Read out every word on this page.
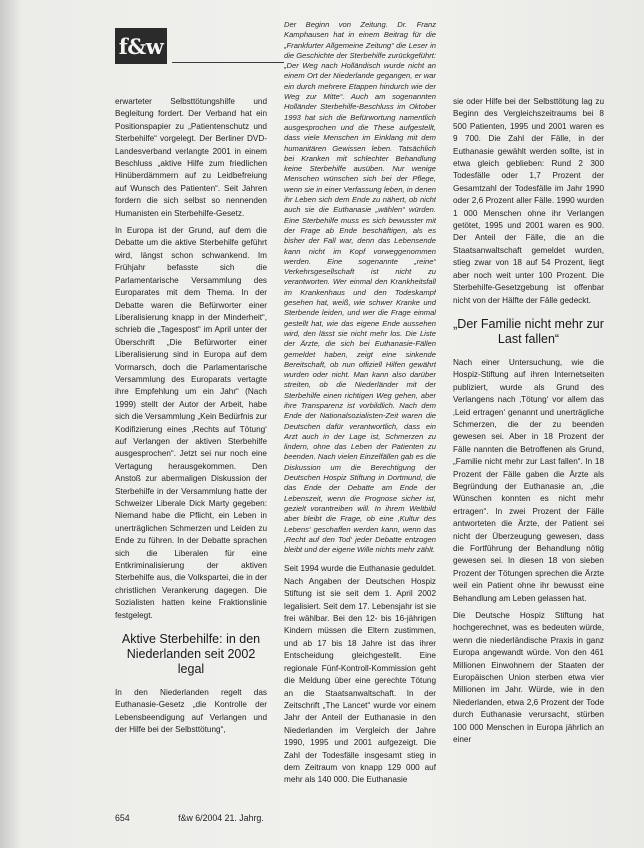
f&w

erwarteter Selbsttötungshilfe und Begleitung fordert. Der Verband hat ein Positionspapier zu „Patientenschutz und Sterbehilfe“ vorgelegt. Der Berliner DVD-Landesverband verlangte 2001 in einem Beschluss „aktive Hilfe zum friedlichen Hinüberdämmern auf zu Leidbefreiung auf Wunsch des Patienten“. Seit Jahren fordern die sich selbst so nennenden Humanisten ein Sterbehilfe-Gesetz.

In Europa ist der Grund, auf dem die Debatte um die aktive Sterbehilfe geführt wird, längst schon schwankend. Im Frühjahr befasste sich die Parlamentarische Versammlung des Europarates mit dem Thema. In der Debatte waren die Befürworter einer Liberalisierung knapp in der Minderheit“, schrieb die „Tagespost“ im April unter der Überschrift „Die Befürworter einer Liberalisierung sind in Europa auf dem Vormarsch, doch die Parlamentarische Versammlung des Europarats vertagte ihre Empfehlung um ein Jahr“ (Nach 1999) stellt der Autor der Arbeit, habe sich die Versammlung „Kein Bedürfnis zur Kodifizierung eines ,Rechts auf Tötung‘ auf Verlangen der aktiven Sterbehilfe ausgesprochen“. Jetzt sei nur noch eine Vertagung herausgekommen. Den Anstoß zur abermaligen Diskussion der Sterbehilfe in der Versammlung hatte der Schweizer Liberale Dick Marty gegeben: Niemand habe die Pflicht, ein Leben in unerträglichen Schmerzen und Leiden zu Ende zu führen. In der Debatte sprachen sich die Liberalen für eine Entkriminalisierung der aktiven Sterbehilfe aus, die Volkspartei, die in der christlichen Verankerung dagegen. Die Sozialisten hatten keine Fraktionslinie festgelegt.

Aktive Sterbehilfe: in den Niederlanden seit 2002 legal

In den Niederlanden regelt das Euthanasie-Gesetz „die Kontrolle der Lebensbeendigung auf Verlangen und der Hilfe bei der Selbsttötung“,

Der Beginn von Zeitung. Dr. Franz Kamphausen hat in einem Beitrag für die „Frankfurter Allgemeine Zeitung“ die Leser in die Geschichte der Sterbehilfe zurückgeführt: „Der Weg nach Holländisch wurde nicht an einem Ort der Niederlande gegangen, er war ein durch mehrere Etappen hindurch wie der Weg zur Mitte“. Auch am sogenannten Holländer Sterbehilfe-Beschluss im Oktober 1993 hat sich die Befürwortung namentlich ausgesprochen und die These aufgestellt, dass viele Menschen im Einklang mit dem humanitären Gewissen leben. Tatsächlich bei Kranken mit schlechter Behandlung keine Sterbehilfe ausüben. Nur wenige Menschen wünschen sich bei der Pflege, wenn sie in einer Verfassung leben, in denen ihr Leben sich dem Ende zu nähert, ob nicht auch sie die Euthanasie „wählen“ würden. Eine Sterbehilfe muss es sich bewusster mit der Frage ab Ende beschäftigen, als es bisher der Fall war, denn das Lebensende kann nicht im Kopf vorweggenommen werden. Eine sogenannte „reine“ Verkehrsgesellschaft ist nicht zu verantworten. Wer einmal den Krankheitsfall im Krankenhaus und den Todeskampf gesehen hat, weiß, wie schwer Kranke und Sterbende leiden, und wer die Frage einmal gestellt hat, wie das eigene Ende aussehen wird, den lässt sie nicht mehr los. Die Liste der Ärzte, die sich bei Euthanasie-Fällen gemeldet haben, zeigt eine sinkende Bereitschaft, ob nun offiziell Hilfen gewährt wurden oder nicht. Man kann also darüber streiten, ob die Niederländer mit der Sterbehilfe einen richtigen Weg gehen, aber ihre Transparenz ist vorbildlich. Nach dem Ende der Nationalsozialisten-Zeit waren die Deutschen dafür verantwortlich, dass ein Arzt auch in der Lage ist, Schmerzen zu lindern, ohne das Leben der Patienten zu beenden. Nach vielen Einzelfällen gab es die Diskussion um die Berechtigung der Deutschen Hospiz Stiftung in Dortmund, die das Ende der Debatte am Ende der Lebenszeit, wenn die Prognose sicher ist, gezielt vorantreiben will. In ihrem Weltbild aber bleibt die Frage, ob eine ‚Kultur des Lebens‘ geschaffen werden kann, wenn das ‚Recht auf den Tod‘ jeder Debatte entzogen bleibt und der eigene Wille nichts mehr zählt.

Seit 1994 wurde die Euthanasie geduldet. Nach Angaben der Deutschen Hospiz Stiftung ist sie seit dem 1. April 2002 legalisiert. Seit dem 17. Lebensjahr ist sie frei wählbar. Bei den 12- bis 16-jährigen Kindern müssen die Eltern zustimmen, und ab 17 bis 18 Jahre ist das ihrer Entscheidung gleichgestellt. Eine regionale Fünf-Kontroll-Kommission geht die Meldung über eine gerechte Tötung an die Staatsanwaltschaft. In der Zeitschrift „The Lancet“ wurde vor einem Jahr der Anteil der Euthanasie in den Niederlanden im Vergleich der Jahre 1990, 1995 und 2001 aufgezeigt. Die Zahl der Todesfälle insgesamt stieg in dem Zeitraum von knapp 129 000 auf mehr als 140 000. Die Euthanasie

sie oder Hilfe bei der Selbsttötung lag zu Beginn des Vergleichszeitraums bei 8 500 Patienten, 1995 und 2001 waren es 9 700. Die Zahl der Fälle, in der Euthanasie gewählt werden sollte, ist in etwa gleich geblieben: Rund 2 300 Todesfälle oder 1,7 Prozent der Gesamtzahl der Todesfälle im Jahr 1990 oder 2,6 Prozent aller Fälle. 1990 wurden 1 000 Menschen ohne ihr Verlangen getötet, 1995 und 2001 waren es 900. Der Anteil der Fälle, die an die Staatsanwaltschaft gemeldet wurden, stieg zwar von 18 auf 54 Prozent, liegt aber noch weit unter 100 Prozent. Die Sterbehilfe-Gesetzgebung ist offenbar nicht von der Hälfte der Fälle gedeckt.

„Der Familie nicht mehr zur Last fallen“

Nach einer Untersuchung, wie die Hospiz-Stiftung auf ihren Internetseiten publiziert, wurde als Grund des Verlangens nach ‚Tötung‘ vor allem das ‚Leid ertragen‘ genannt und unerträgliche Schmerzen, die der zu beenden gewesen sei. Aber in 18 Prozent der Fälle nannten die Betroffenen als Grund, „Familie nicht mehr zur Last fallen“. In 18 Prozent der Fälle gaben die Ärzte als Begründung der Euthanasie an, „die Wünschen konnten es nicht mehr ertragen“. In zwei Prozent der Fälle antworteten die Ärzte, der Patient sei nicht der Überzeugung gewesen, dass die Fortführung der Behandlung nötig gewesen sei. In diesen 18 von sieben Prozent der Tötungen sprechen die Ärzte weil ein Patient ohne ihr bewusst eine Behandlung am Leben gelassen hat.

Die Deutsche Hospiz Stiftung hat hochgerechnet, was es bedeuten würde, wenn die niederländische Praxis in ganz Europa angewandt würde. Von den 461 Millionen Einwohnern der Staaten der Europäischen Union sterben etwa vier Millionen im Jahr. Würde, wie in den Niederlanden, etwa 2,6 Prozent der Tode durch Euthanasie verursacht, stürben 100 000 Menschen in Europa jährlich an einer

654	f&w 6/2004 21. Jahrg.
